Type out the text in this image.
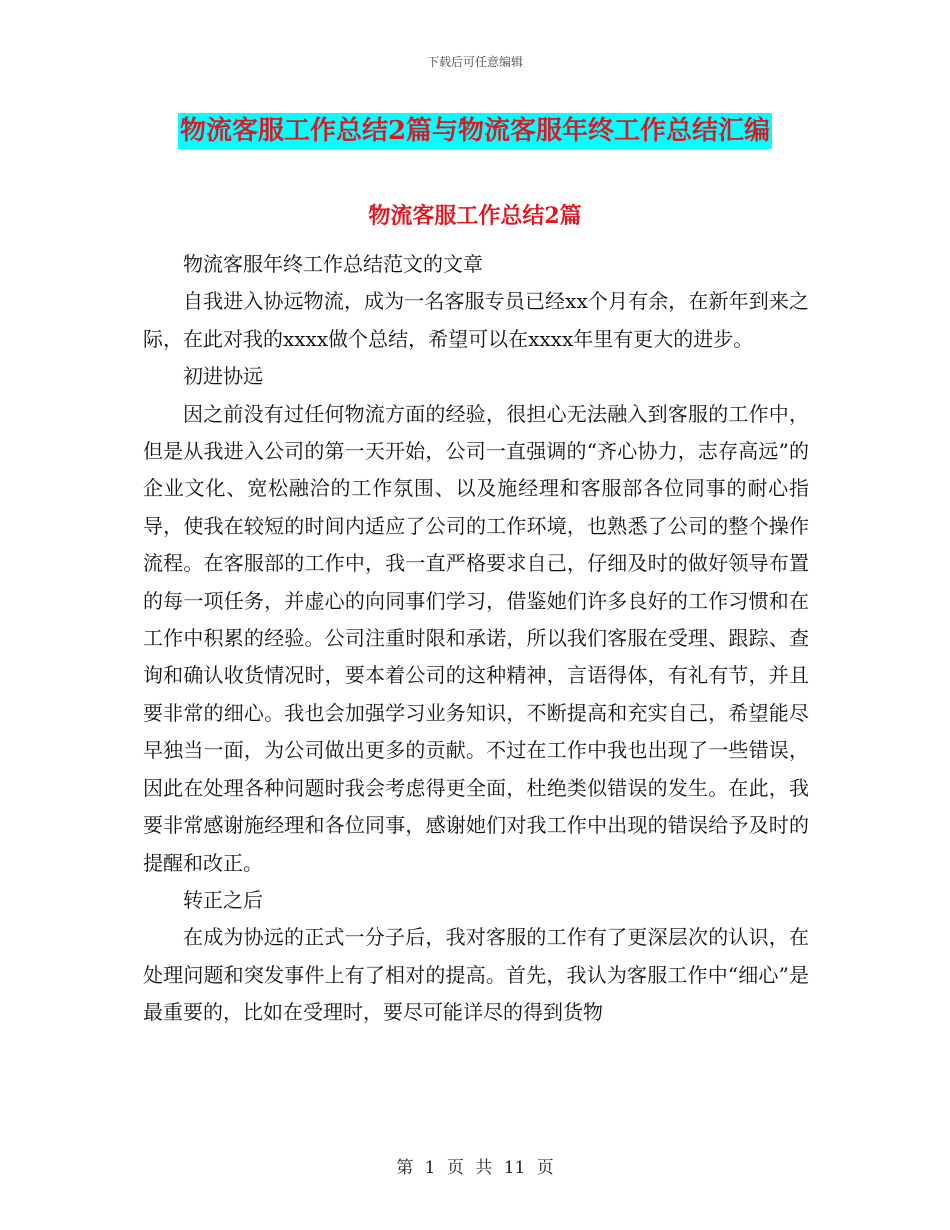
下载后可任意编辑
物流客服工作总结2篇与物流客服年终工作总结汇编
物流客服工作总结2篇

物流客服年终工作总结范文的文章

自我进入协远物流，成为一名客服专员已经xx个月有余，在新年到来之际，在此对我的xxxx做个总结，希望可以在xxxx年里有更大的进步。

初进协远

因之前没有过任何物流方面的经验，很担心无法融入到客服的工作中，但是从我进入公司的第一天开始，公司一直强调的“齐心协力，志存高远”的企业文化、宽松融洽的工作氛围、以及施经理和客服部各位同事的耐心指导，使我在较短的时间内适应了公司的工作环境，也熟悉了公司的整个操作流程。在客服部的工作中，我一直严格要求自己，仔细及时的做好领导布置的每一项任务，并虚心的向同事们学习，借鉴她们许多良好的工作习惯和在工作中积累的经验。公司注重时限和承诺，所以我们客服在受理、跟踪、查询和确认收货情况时，要本着公司的这种精神，言语得体，有礼有节，并且要非常的细心。我也会加强学习业务知识，不断提高和充实自己，希望能尽早独当一面，为公司做出更多的贡献。不过在工作中我也出现了一些错误，因此在处理各种问题时我会考虑得更全面，杜绝类似错误的发生。在此，我要非常感谢施经理和各位同事，感谢她们对我工作中出现的错误给予及时的提醒和改正。

转正之后

在成为协远的正式一分子后，我对客服的工作有了更深层次的认识，在处理问题和突发事件上有了相对的提高。首先，我认为客服工作中“细心”是最重要的，比如在受理时，要尽可能详尽的得到货物

第 1 页 共 11 页
